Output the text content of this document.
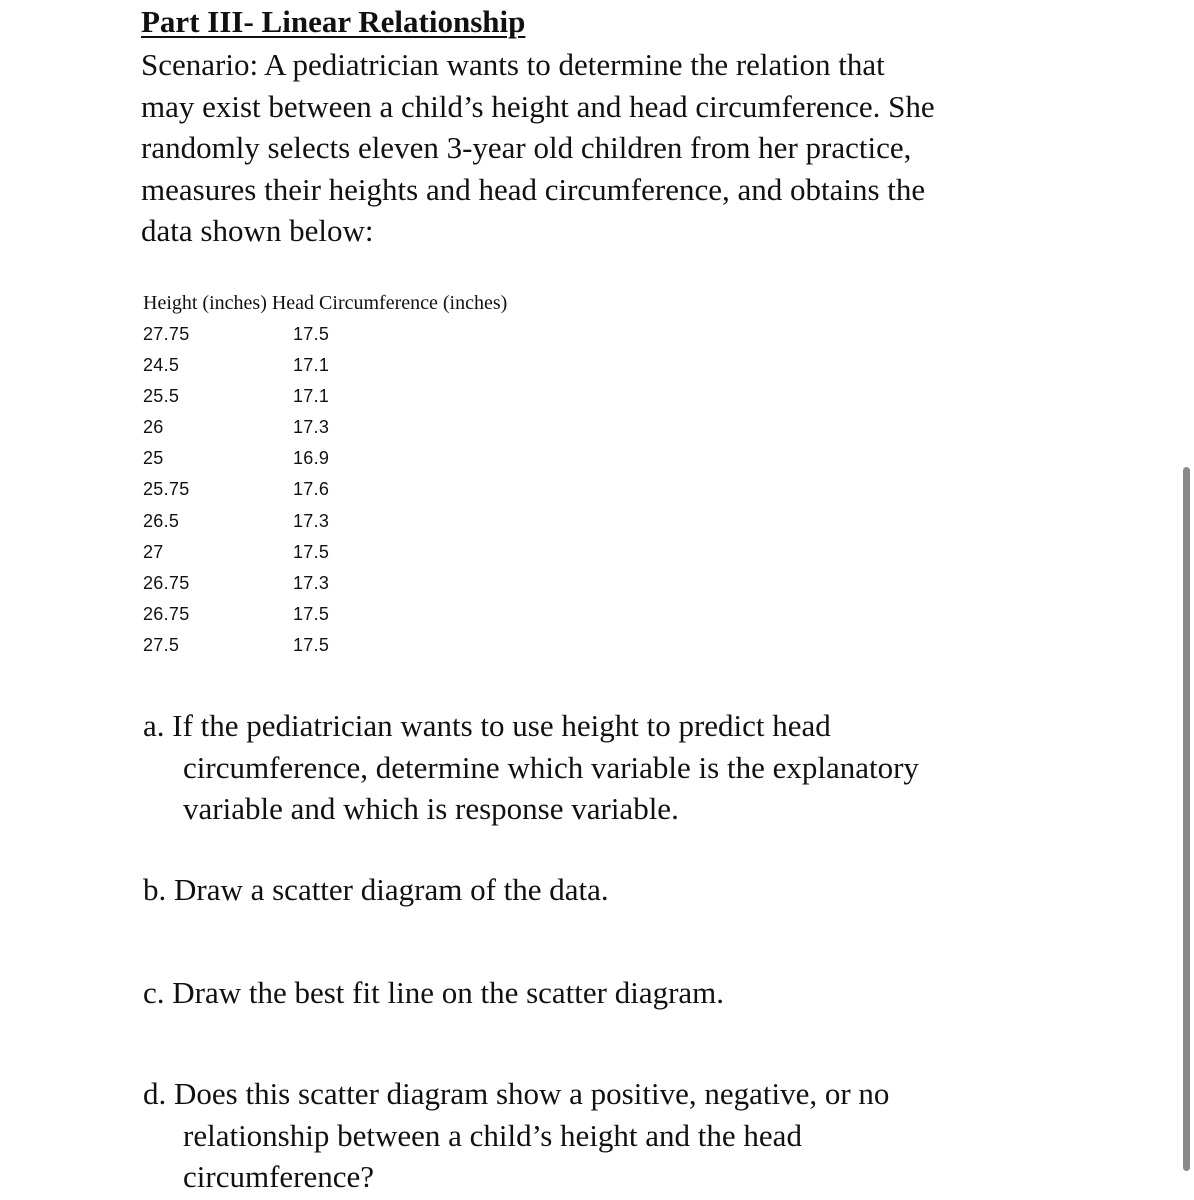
Part III- Linear Relationship
Scenario: A pediatrician wants to determine the relation that
may exist between a child’s height and head circumference. She
randomly selects eleven 3-year old children from her practice,
measures their heights and head circumference, and obtains the
data shown below:
Height (inches) Head Circumference (inches)
27.75	17.5
24.5	17.1
25.5	17.1
26	17.3
25	16.9
25.75	17.6
26.5	17.3
27	17.5
26.75	17.3
26.75	17.5
27.5	17.5
a. If the pediatrician wants to use height to predict head
circumference, determine which variable is the explanatory
variable and which is response variable.
b. Draw a scatter diagram of the data.
c. Draw the best fit line on the scatter diagram.
d. Does this scatter diagram show a positive, negative, or no
relationship between a child’s height and the head
circumference?
